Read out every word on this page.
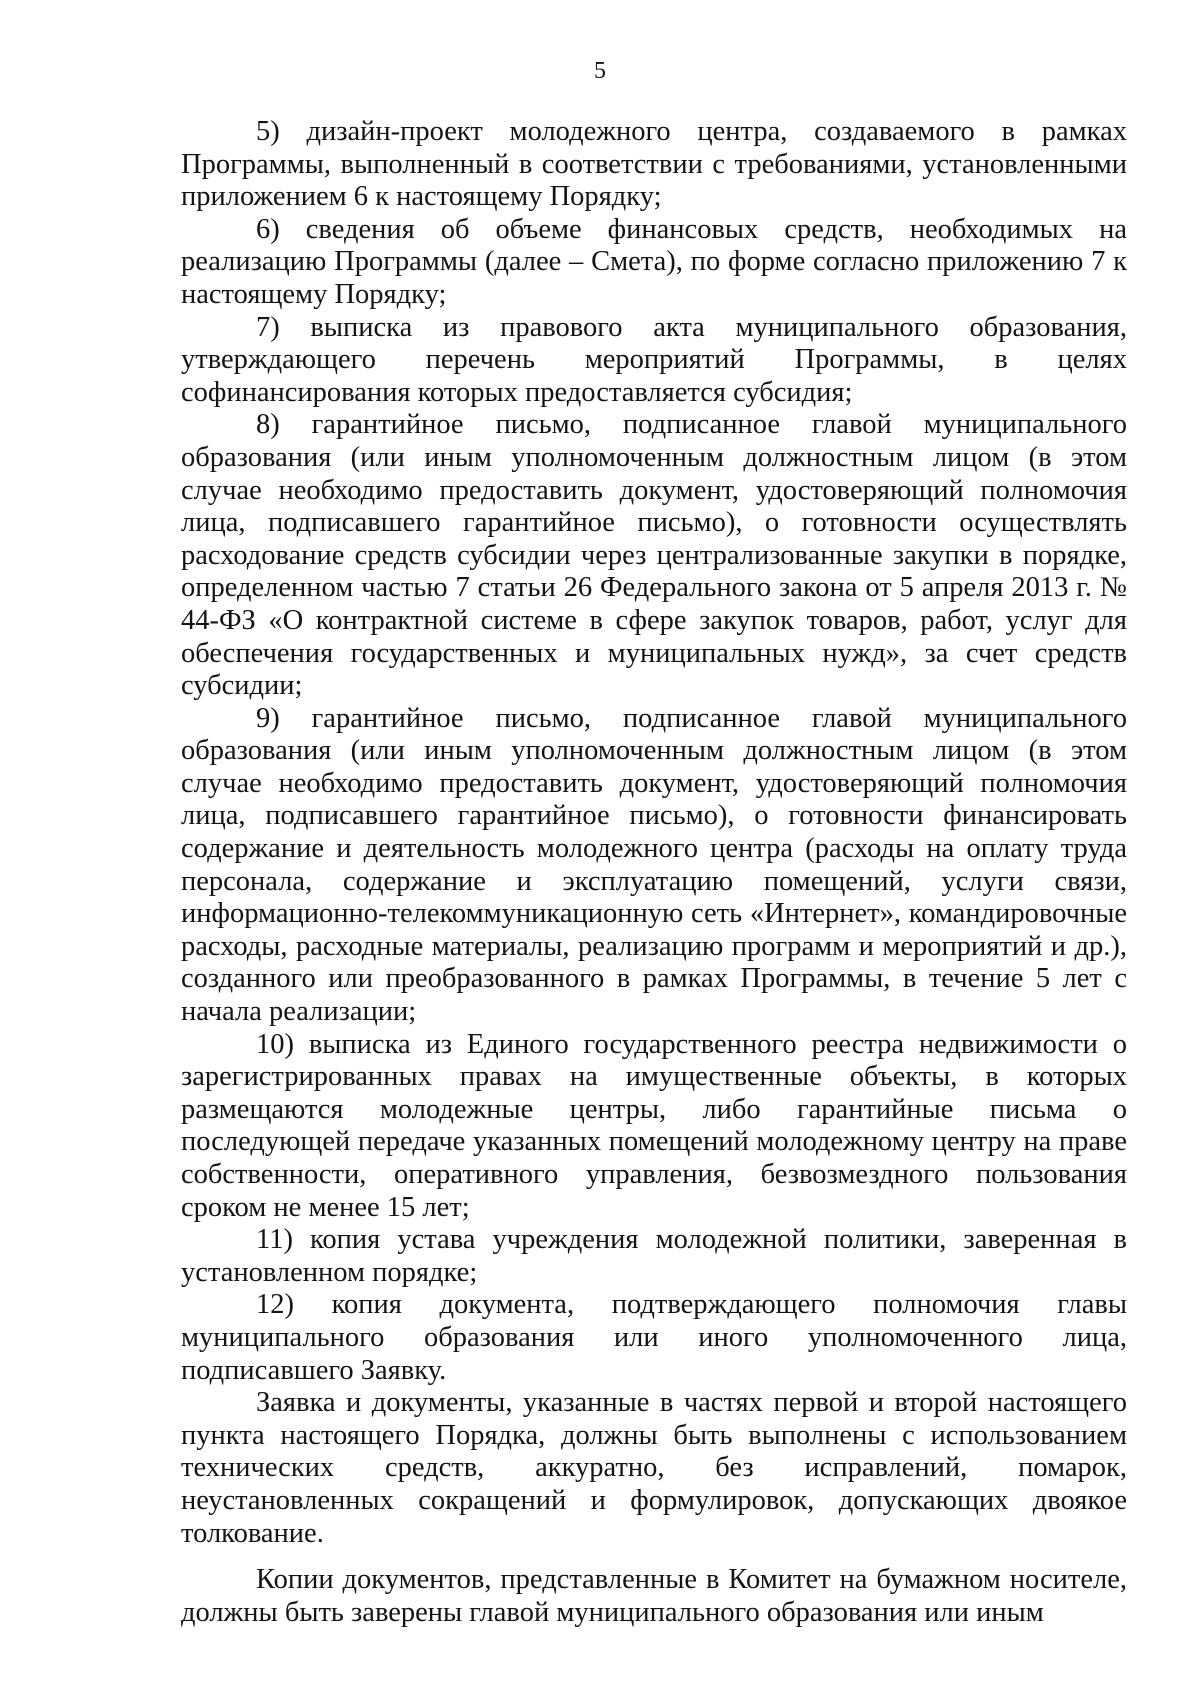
5

5) дизайн-проект молодежного центра, создаваемого в рамках Программы, выполненный в соответствии с требованиями, установленными приложением 6 к настоящему Порядку;

6) сведения об объеме финансовых средств, необходимых на реализацию Программы (далее – Смета), по форме согласно приложению 7 к настоящему Порядку;

7) выписка из правового акта муниципального образования, утверждающего перечень мероприятий Программы, в целях софинансирования которых предоставляется субсидия;

8) гарантийное письмо, подписанное главой муниципального образования (или иным уполномоченным должностным лицом (в этом случае необходимо предоставить документ, удостоверяющий полномочия лица, подписавшего гарантийное письмо), о готовности осуществлять расходование средств субсидии через централизованные закупки в порядке, определенном частью 7 статьи 26 Федерального закона от 5 апреля 2013 г. № 44-ФЗ «О контрактной системе в сфере закупок товаров, работ, услуг для обеспечения государственных и муниципальных нужд», за счет средств субсидии;

9) гарантийное письмо, подписанное главой муниципального образования (или иным уполномоченным должностным лицом (в этом случае необходимо предоставить документ, удостоверяющий полномочия лица, подписавшего гарантийное письмо), о готовности финансировать содержание и деятельность молодежного центра (расходы на оплату труда персонала, содержание и эксплуатацию помещений, услуги связи, информационно-телекоммуникационную сеть «Интернет», командировочные расходы, расходные материалы, реализацию программ и мероприятий и др.), созданного или преобразованного в рамках Программы, в течение 5 лет с начала реализации;

10) выписка из Единого государственного реестра недвижимости о зарегистрированных правах на имущественные объекты, в которых размещаются молодежные центры, либо гарантийные письма о последующей передаче указанных помещений молодежному центру на праве собственности, оперативного управления, безвозмездного пользования сроком не менее 15 лет;

11) копия устава учреждения молодежной политики, заверенная в установленном порядке;

12) копия документа, подтверждающего полномочия главы муниципального образования или иного уполномоченного лица, подписавшего Заявку.

Заявка и документы, указанные в частях первой и второй настоящего пункта настоящего Порядка, должны быть выполнены с использованием технических средств, аккуратно, без исправлений, помарок, неустановленных сокращений и формулировок, допускающих двоякое толкование.

Копии документов, представленные в Комитет на бумажном носителе, должны быть заверены главой муниципального образования или иным
